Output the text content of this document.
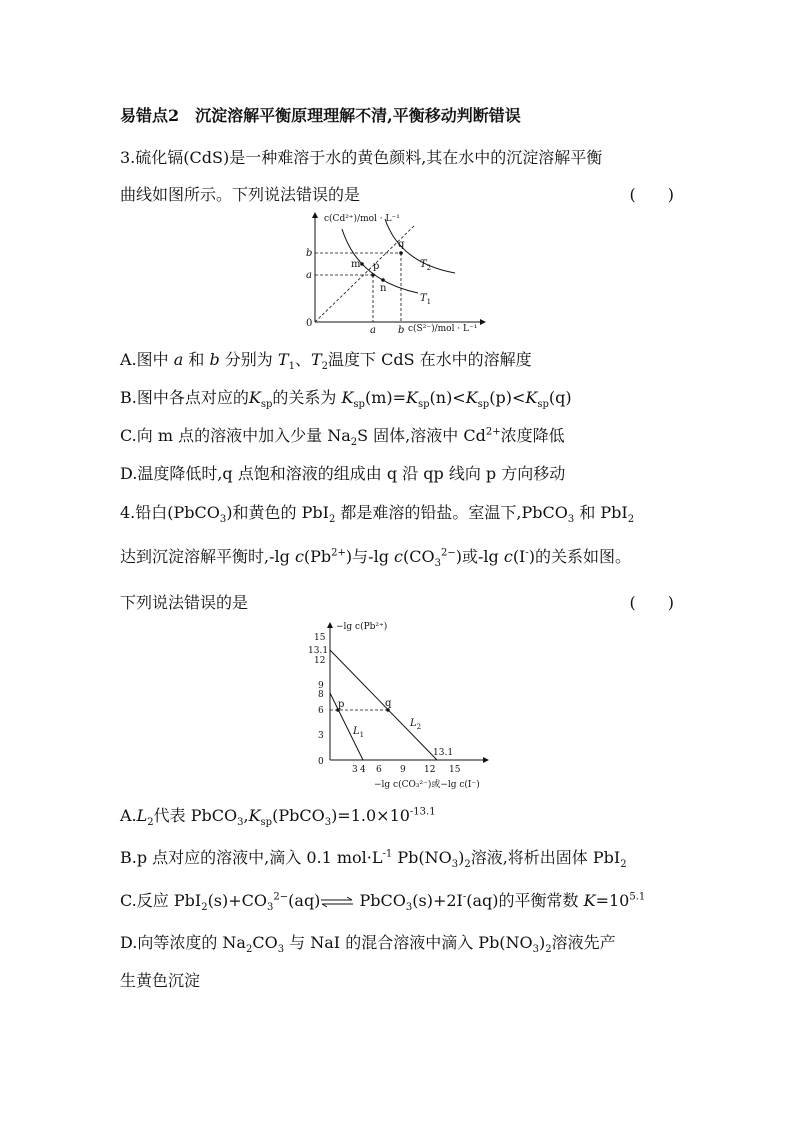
易错点2　沉淀溶解平衡原理理解不清,平衡移动判断错误
3.硫化镉(CdS)是一种难溶于水的黄色颜料,其在水中的沉淀溶解平衡
曲线如图所示。下列说法错误的是	(　　)
c(Cd²⁺)/mol · L⁻¹
c(S²⁻)/mol · L⁻¹
0
a b
a
b
m p
n
q
$T_1$
$T_2$
A.图中 a 和 b 分别为 $T_1$、$T_2$温度下 CdS 在水中的溶解度
B.图中各点对应的$K_{sp}$的关系为 $K_{sp}(m)=K_{sp}(n)<K_{sp}(p)<K_{sp}(q)$
C.向 m 点的溶液中加入少量 $Na_2S$ 固体,溶液中 $Cd^{2+}$浓度降低
D.温度降低时,q 点饱和溶液的组成由 q 沿 qp 线向 p 方向移动
4.铅白(PbCO$_3$)和黄色的 PbI$_2$ 都是难溶的铅盐。室温下,PbCO$_3$ 和 PbI$_2$
达到沉淀溶解平衡时,-lg $c(Pb^{2+})$与-lg $c(CO_3^{2-})$或-lg c(I-)的关系如图。
下列说法错误的是	(　　)
−lg c(Pb²⁺)
−lg c(CO₃²⁻)或−lg c(I⁻)
15
13.1
12
9
8
6
3
0
3 4 6 9 12 15
13.1
p	q
$L_1$
$L_2$
$A.L_2$代表 $PbCO_3,K_{sp}(PbCO_3)=1.0\times 10^{-13.1}$
B.p 点对应的溶液中,滴入 0.1 $mol\cdot L^{-1}$ $Pb(NO_3)_2$溶液,将析出固体 PbI$_2$
C.反应 $PbI_2(s)+CO_3^{2-}(aq)\rightleftharpoons$ PbCO$_3$(s)+2I-(aq)的平衡常数 $K=10^{5.1}$
D.向等浓度的 $Na_2CO_3$ 与 NaI 的混合溶液中滴入 $Pb(NO_3)_2$溶液先产
生黄色沉淀
